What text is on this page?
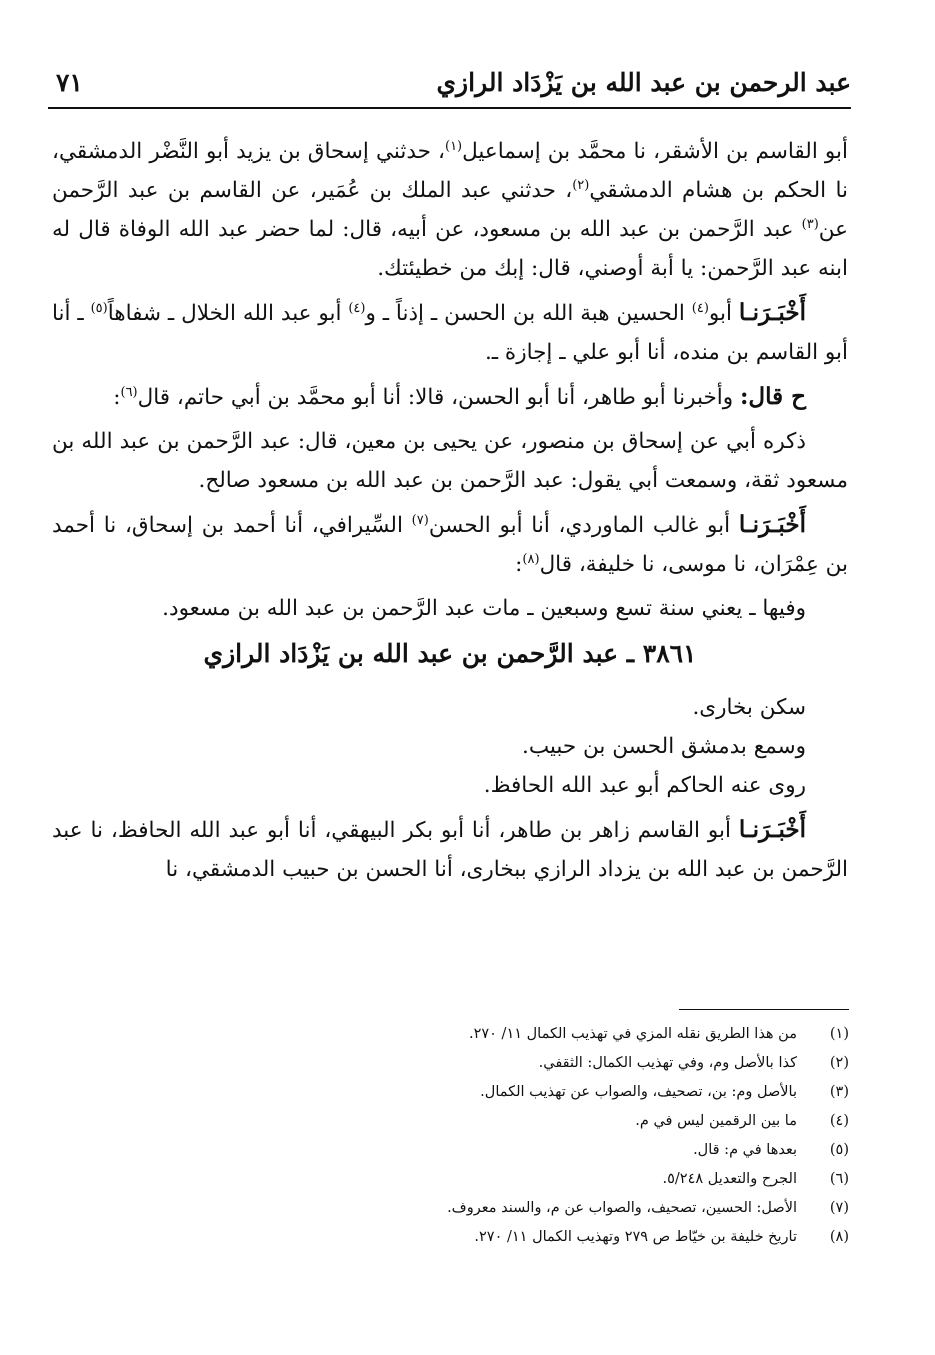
عبد الرحمن بن عبد الله بن يَزْدَاد الرازي
٧١

أبو القاسم بن الأشقر، نا محمَّد بن إسماعيل$^{(١)}$، حدثني إسحاق بن يزيد أبو النَّضْر الدمشقي، نا الحكم بن هشام الدمشقي$^{(٢)}$، حدثني عبد الملك بن عُمَير، عن القاسم بن عبد الرَّحمن عن$^{(٣)}$ عبد الرَّحمن بن عبد الله بن مسعود، عن أبيه، قال: لما حضر عبد الله الوفاة قال له ابنه عبد الرَّحمن: يا أبة أوصني، قال: إبك من خطيئتك.

أَخْبَـرَنـا أبو$^{(٤)}$ الحسين هبة الله بن الحسن ـ إذناً ـ و$^{(٤)}$ أبو عبد الله الخلال ـ شفاهاً$^{(٥)}$ ـ أنا أبو القاسم بن منده، أنا أبو علي ـ إجازة ـ.

ح قال: وأخبرنا أبو طاهر، أنا أبو الحسن، قالا: أنا أبو محمَّد بن أبي حاتم، قال$^{(٦)}$:

ذكره أبي عن إسحاق بن منصور، عن يحيى بن معين، قال: عبد الرَّحمن بن عبد الله بن مسعود ثقة، وسمعت أبي يقول: عبد الرَّحمن بن عبد الله بن مسعود صالح.

أَخْبَـرَنـا أبو غالب الماوردي، أنا أبو الحسن$^{(٧)}$ السِّيرافي، أنا أحمد بن إسحاق، نا أحمد بن عِمْرَان، نا موسى، نا خليفة، قال$^{(٨)}$:

وفيها ـ يعني سنة تسع وسبعين ـ مات عبد الرَّحمن بن عبد الله بن مسعود.

٣٨٦١ ـ عبد الرَّحمن بن عبد الله بن يَزْدَاد الرازي

سكن بخارى.

وسمع بدمشق الحسن بن حبيب.

روى عنه الحاكم أبو عبد الله الحافظ.

أَخْبَـرَنـا أبو القاسم زاهر بن طاهر، أنا أبو بكر البيهقي، أنا أبو عبد الله الحافظ، نا عبد الرَّحمن بن عبد الله بن يزداد الرازي ببخارى، أنا الحسن بن حبيب الدمشقي، نا

(١)
من هذا الطريق نقله المزي في تهذيب الكمال ١١/ ٢٧٠.
(٢)
كذا بالأصل وم، وفي تهذيب الكمال: الثقفي.
(٣)
بالأصل وم: بن، تصحيف، والصواب عن تهذيب الكمال.
(٤)
ما بين الرقمين ليس في م.
(٥)
بعدها في م: قال.
(٦)
الجرح والتعديل ٥/٢٤٨.
(٧)
الأصل: الحسين، تصحيف، والصواب عن م، والسند معروف.
(٨)
تاريخ خليفة بن خيّاط ص ٢٧٩ وتهذيب الكمال ١١/ ٢٧٠.
